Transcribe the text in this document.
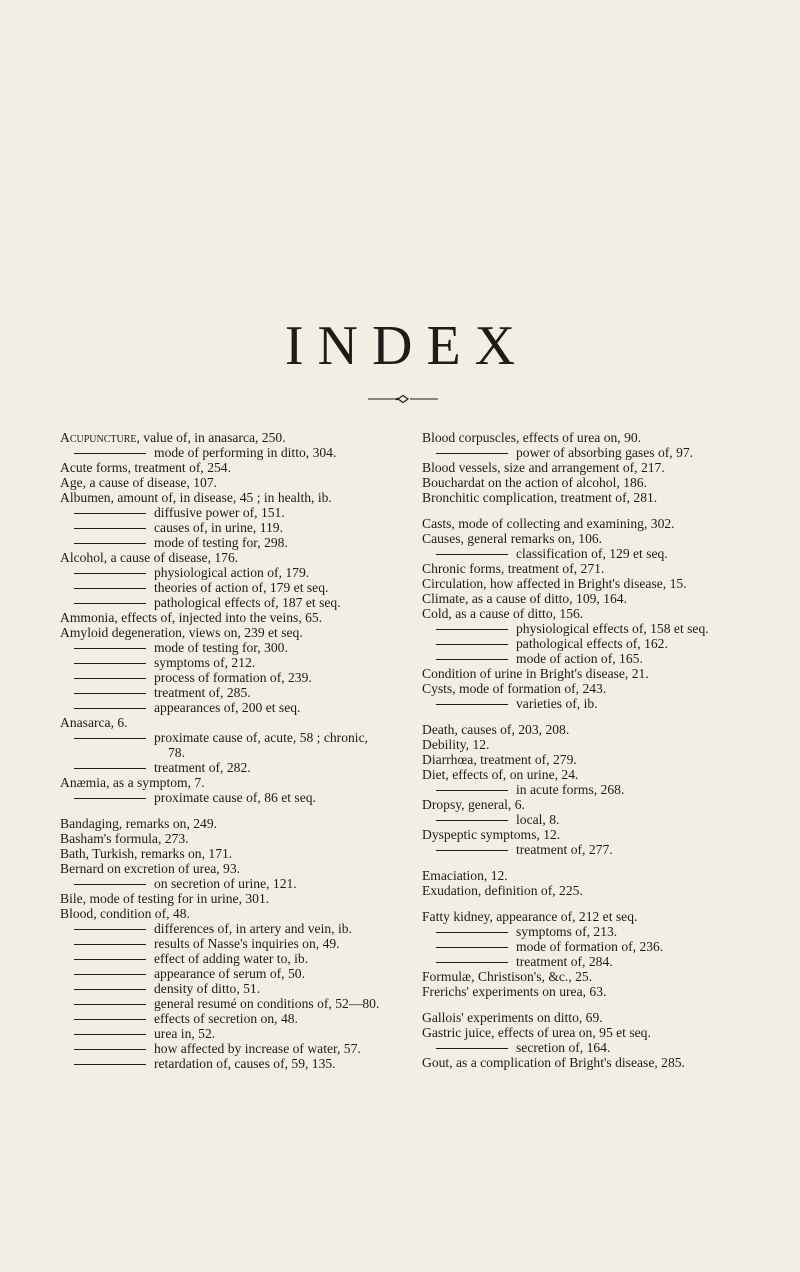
INDEX
Acupuncture, value of, in anasarca, 250.
mode of performing in ditto, 304.
Acute forms, treatment of, 254.
Age, a cause of disease, 107.
Albumen, amount of, in disease, 45 ; in health, ib.
diffusive power of, 151.
causes of, in urine, 119.
mode of testing for, 298.
Alcohol, a cause of disease, 176.
physiological action of, 179.
theories of action of, 179 et seq.
pathological effects of, 187 et seq.
Ammonia, effects of, injected into the veins, 65.
Amyloid degeneration, views on, 239 et seq.
mode of testing for, 300.
symptoms of, 212.
process of formation of, 239.
treatment of, 285.
appearances of, 200 et seq.
Anasarca, 6.
proximate cause of, acute, 58 ; chronic, 78.
treatment of, 282.
Anæmia, as a symptom, 7.
proximate cause of, 86 et seq.
Bandaging, remarks on, 249.
Basham's formula, 273.
Bath, Turkish, remarks on, 171.
Bernard on excretion of urea, 93.
on secretion of urine, 121.
Bile, mode of testing for in urine, 301.
Blood, condition of, 48.
differences of, in artery and vein, ib.
results of Nasse's inquiries on, 49.
effect of adding water to, ib.
appearance of serum of, 50.
density of ditto, 51.
general resumé on conditions of, 52—80.
effects of secretion on, 48.
urea in, 52.
how affected by increase of water, 57.
retardation of, causes of, 59, 135.
Blood corpuscles, effects of urea on, 90.
power of absorbing gases of, 97.
Blood vessels, size and arrangement of, 217.
Bouchardat on the action of alcohol, 186.
Bronchitic complication, treatment of, 281.
Casts, mode of collecting and examining, 302.
Causes, general remarks on, 106.
classification of, 129 et seq.
Chronic forms, treatment of, 271.
Circulation, how affected in Bright's disease, 15.
Climate, as a cause of ditto, 109, 164.
Cold, as a cause of ditto, 156.
physiological effects of, 158 et seq.
pathological effects of, 162.
mode of action of, 165.
Condition of urine in Bright's disease, 21.
Cysts, mode of formation of, 243.
varieties of, ib.
Death, causes of, 203, 208.
Debility, 12.
Diarrhœa, treatment of, 279.
Diet, effects of, on urine, 24.
in acute forms, 268.
Dropsy, general, 6.
local, 8.
Dyspeptic symptoms, 12.
treatment of, 277.
Emaciation, 12.
Exudation, definition of, 225.
Fatty kidney, appearance of, 212 et seq.
symptoms of, 213.
mode of formation of, 236.
treatment of, 284.
Formulæ, Christison's, &c., 25.
Frerichs' experiments on urea, 63.
Gallois' experiments on ditto, 69.
Gastric juice, effects of urea on, 95 et seq.
secretion of, 164.
Gout, as a complication of Bright's disease, 285.
